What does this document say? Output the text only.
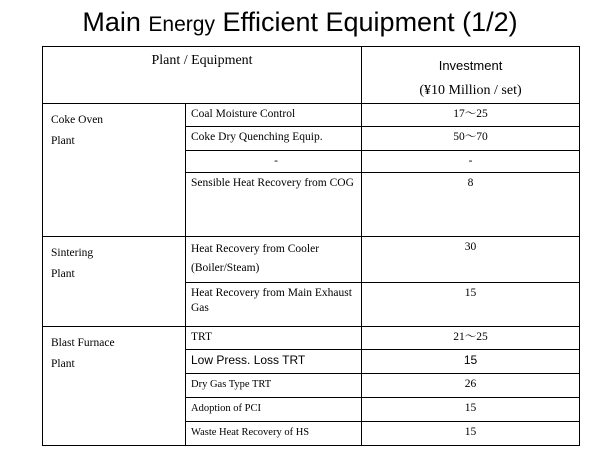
Main Energy Efficient Equipment (1/2)
Plant / Equipment		Investment
(¥10 Million / set)

Coke Oven
Plant	Coal Moisture Control	17～25
	Coke Dry Quenching Equip.	50～70
	-	-
	Sensible Heat Recovery from COG	8

Sintering
Plant	Heat Recovery from Cooler (Boiler/Steam)	30
	Heat Recovery from Main Exhaust Gas	15

Blast Furnace
Plant	TRT	21～25
	Low Press. Loss TRT	15
	Dry Gas Type TRT	26
	Adoption of PCI	15
	Waste Heat Recovery of HS	15
